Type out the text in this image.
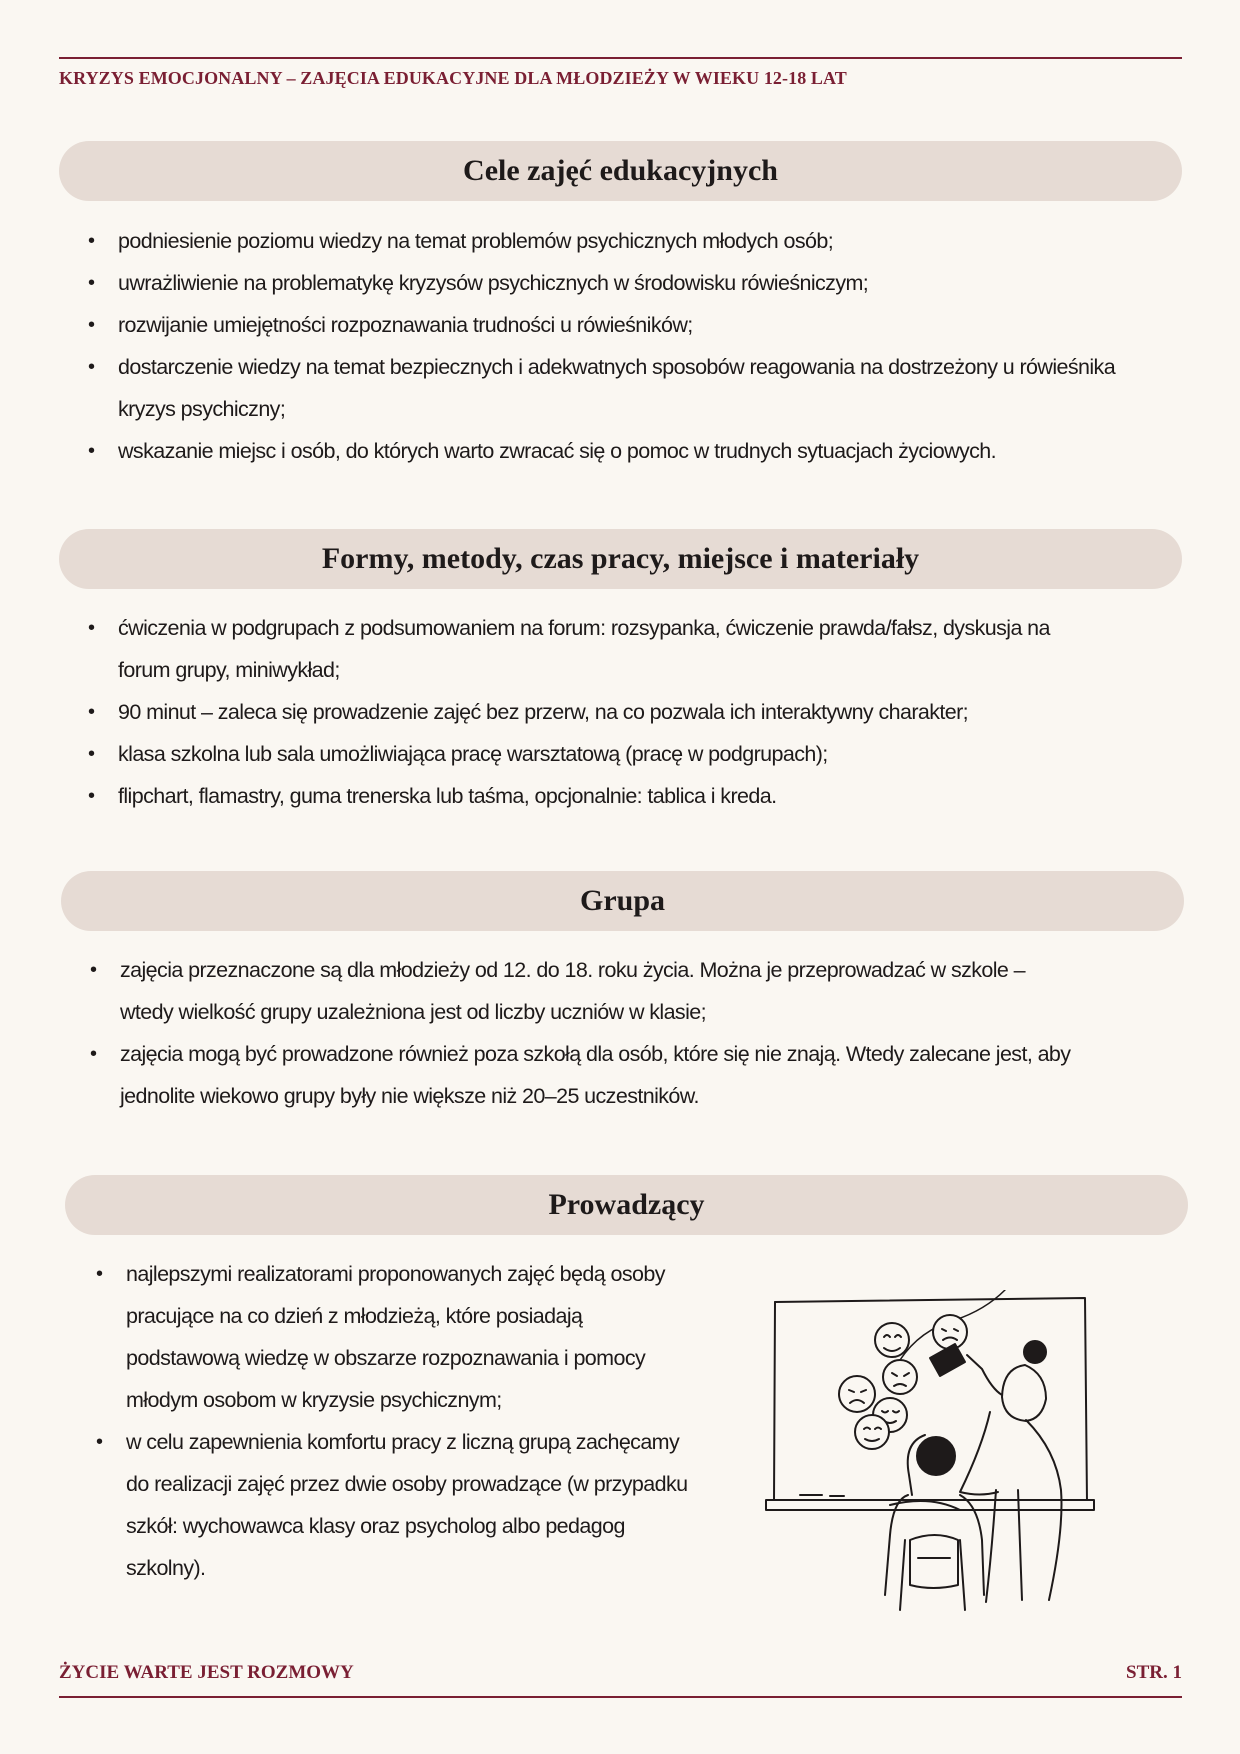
KRYZYS EMOCJONALNY – ZAJĘCIA EDUKACYJNE DLA MŁODZIEŻY W WIEKU 12-18 LAT
Cele zajęć edukacyjnych
• podniesienie poziomu wiedzy na temat problemów psychicznych młodych osób;
• uwrażliwienie na problematykę kryzysów psychicznych w środowisku rówieśniczym;
• rozwijanie umiejętności rozpoznawania trudności u rówieśników;
• dostarczenie wiedzy na temat bezpiecznych i adekwatnych sposobów reagowania na dostrzeżony u rówieśnika kryzys psychiczny;
• wskazanie miejsc i osób, do których warto zwracać się o pomoc w trudnych sytuacjach życiowych.
Formy, metody, czas pracy, miejsce i materiały
• ćwiczenia w podgrupach z podsumowaniem na forum: rozsypanka, ćwiczenie prawda/fałsz, dyskusja na forum grupy, miniwykład;
• 90 minut – zaleca się prowadzenie zajęć bez przerw, na co pozwala ich interaktywny charakter;
• klasa szkolna lub sala umożliwiająca pracę warsztatową (pracę w podgrupach);
• flipchart, flamastry, guma trenerska lub taśma, opcjonalnie: tablica i kreda.
Grupa
• zajęcia przeznaczone są dla młodzieży od 12. do 18. roku życia. Można je przeprowadzać w szkole – wtedy wielkość grupy uzależniona jest od liczby uczniów w klasie;
• zajęcia mogą być prowadzone również poza szkołą dla osób, które się nie znają. Wtedy zalecane jest, aby jednolite wiekowo grupy były nie większe niż 20–25 uczestników.
Prowadzący
• najlepszymi realizatorami proponowanych zajęć będą osoby pracujące na co dzień z młodzieżą, które posiadają podstawową wiedzę w obszarze rozpoznawania i pomocy młodym osobom w kryzysie psychicznym;
• w celu zapewnienia komfortu pracy z liczną grupą zachęcamy do realizacji zajęć przez dwie osoby prowadzące (w przypadku szkół: wychowawca klasy oraz psycholog albo pedagog szkolny).
ŻYCIE WARTE JEST ROZMOWY	STR. 1
